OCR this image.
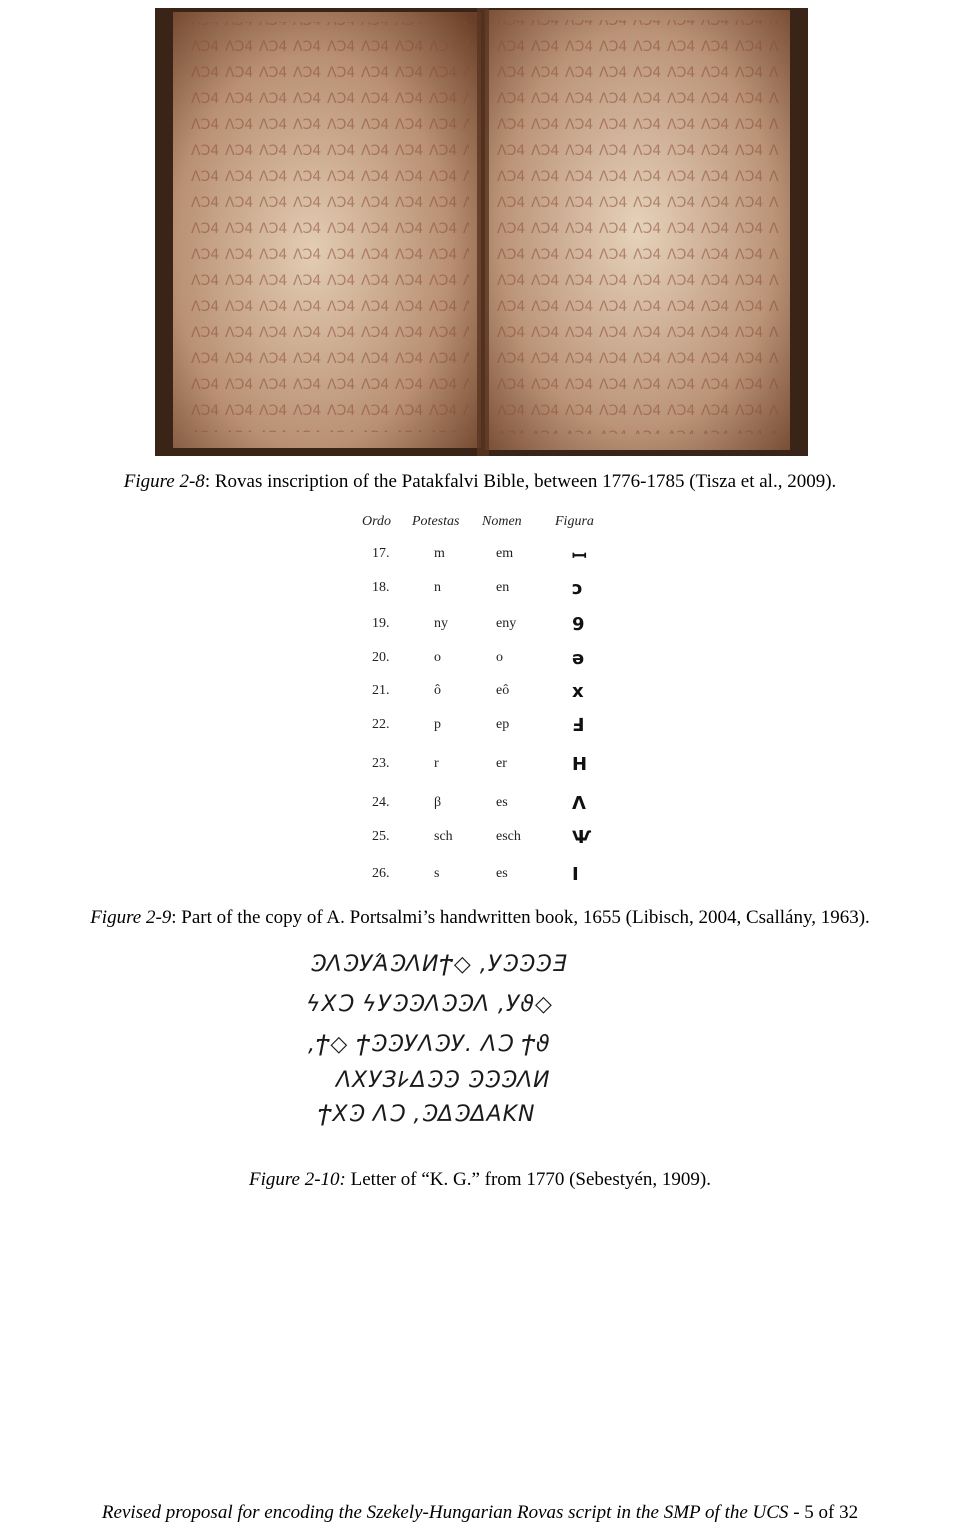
Figure 2-8: Rovas inscription of the Patakfalvi Bible, between 1776-1785 (Tisza et al., 2009).
Ordo Potestas Nomen Figura
17.	m	em	ꟷ
18.	n	en	ɔ
19.	ny	eny	9
20.	o	o	ə
21.	ô	eô	x
22.	p	ep	Ⅎ
23.	r	er	H
24.	β	es	Λ
25.	sch	esch	Ѱ
26.	s	es	I
Figure 2-9: Part of the copy of A. Portsalmi’s handwritten book, 1655 (Libisch, 2004, Csallány, 1963).
ϿΛϿУΆϿΛИϮ◇ ,УϿϿϿƎ
ϟXϽ ϟУϿϿΛϿϿΛ ,Уϑ◇
,Ϯ◇ ϮϿϿУΛϿУ. ΛϽ Ϯϑ
ΛXУЗ𐌋ΔϿϿ ϿϿϿΛИ
ϮXϿ ΛϽ ,ϿΔϿΔΑKN
Figure 2-10: Letter of “K. G.” from 1770 (Sebestyén, 1909).
Revised proposal for encoding the Szekely-Hungarian Rovas script in the SMP of the UCS - 5 of 32
